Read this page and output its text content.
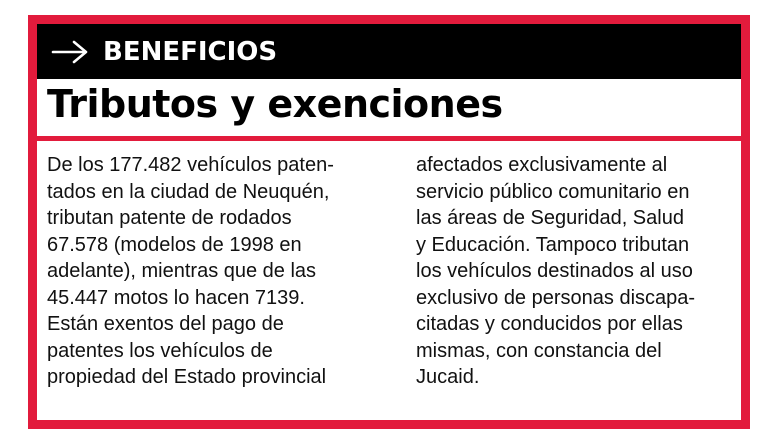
BENEFICIOS
Tributos y exenciones
De los 177.482 vehículos paten-
tados en la ciudad de Neuquén,
tributan patente de rodados
67.578 (modelos de 1998 en
adelante), mientras que de las
45.447 motos lo hacen 7139.
Están exentos del pago de
patentes los vehículos de
propiedad del Estado provincial
afectados exclusivamente al
servicio público comunitario en
las áreas de Seguridad, Salud
y Educación. Tampoco tributan
los vehículos destinados al uso
exclusivo de personas discapa-
citadas y conducidos por ellas
mismas, con constancia del
Jucaid.
